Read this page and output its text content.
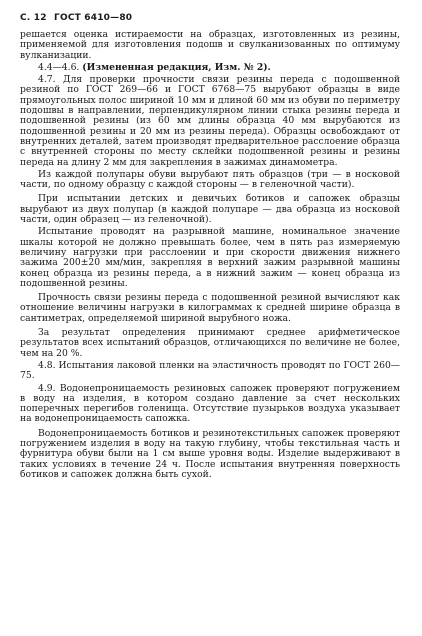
С. 12 ГОСТ 6410—80

решается оценка истираемости на образцах, изготовленных из резины, применяемой для изготовления подошв и свулканизованных по оптимуму вулканизации.

4.4—4.6. (Измененная редакция, Изм. № 2).

4.7. Для проверки прочности связи резины переда с подошвенной резиной по ГОСТ 269—66 и ГОСТ 6768—75 вырубают образцы в виде прямоугольных полос шириной 10 мм и длиной 60 мм из обуви по периметру подошвы в направлении, перпендикулярном линии стыка резины переда и подошвенной резины (из 60 мм длины образца 40 мм вырубаются из подошвенной резины и 20 мм из резины переда). Образцы освобождают от внутренних деталей, затем производят предварительное расслоение образца с внутренней стороны по месту склейки подошвенной резины и резины переда на длину 2 мм для закрепления в зажимах динамометра.

Из каждой полупары обуви вырубают пять образцов (три — в носковой части, по одному образцу с каждой стороны — в геленочной части).

При испытании детских и девичьих ботиков и сапожек образцы вырубают из двух полупар (в каждой полупаре — два образца из носковой части, один образец — из геленочной).

Испытание проводят на разрывной машине, номинальное значение шкалы которой не должно превышать более, чем в пять раз измеряемую величину нагрузки при расслоении и при скорости движения нижнего зажима 200±20 мм/мин, закрепляя в верхний зажим разрывной машины конец образца из резины переда, а в нижний зажим — конец образца из подошвенной резины.

Прочность связи резины переда с подошвенной резиной вычисляют как отношение величины нагрузки в килограммах к средней ширине образца в сантиметрах, определяемой шириной вырубного ножа.

За результат определения принимают среднее арифметическое результатов всех испытаний образцов, отличающихся по величине не более, чем на 20 %.

4.8. Испытания лаковой пленки на эластичность проводят по ГОСТ 260—75.

4.9. Водонепроницаемость резиновых сапожек проверяют погружением в воду на изделия, в котором создано давление за счет нескольких поперечных перегибов голенища. Отсутствие пузырьков воздуха указывает на водонепроницаемость сапожка.

Водонепроницаемость ботиков и резинотекстильных сапожек проверяют погружением изделия в воду на такую глубину, чтобы текстильная часть и фурнитура обуви были на 1 см выше уровня воды. Изделие выдерживают в таких условиях в течение 24 ч. После испытания внутренняя поверхность ботиков и сапожек должна быть сухой.
